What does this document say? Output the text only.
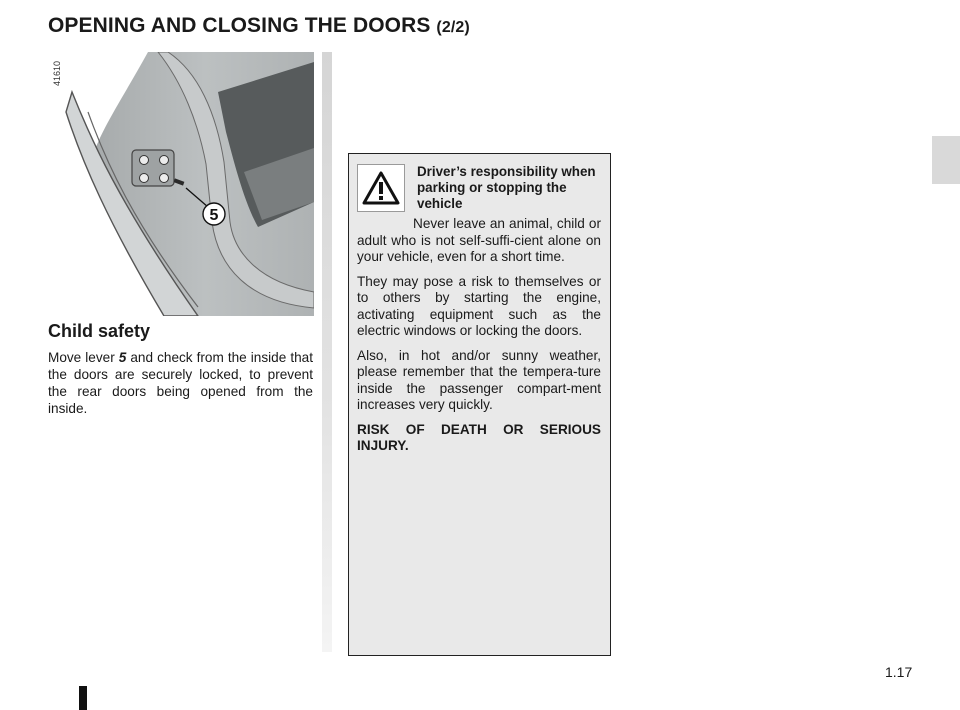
OPENING AND CLOSING THE DOORS (2/2)
5
41610
Child safety

Move lever 5 and check from the inside that the doors are securely locked, to prevent the rear doors being opened from the inside.

Driver’s responsibility when parking or stopping the vehicle

Never leave an animal, child or adult who is not self-suffi-cient alone on your vehicle, even for a short time.

They may pose a risk to themselves or to others by starting the engine, activating equipment such as the electric windows or locking the doors.

Also, in hot and/or sunny weather, please remember that the tempera-ture inside the passenger compart-ment increases very quickly.

RISK OF DEATH OR SERIOUS INJURY.

1.17
